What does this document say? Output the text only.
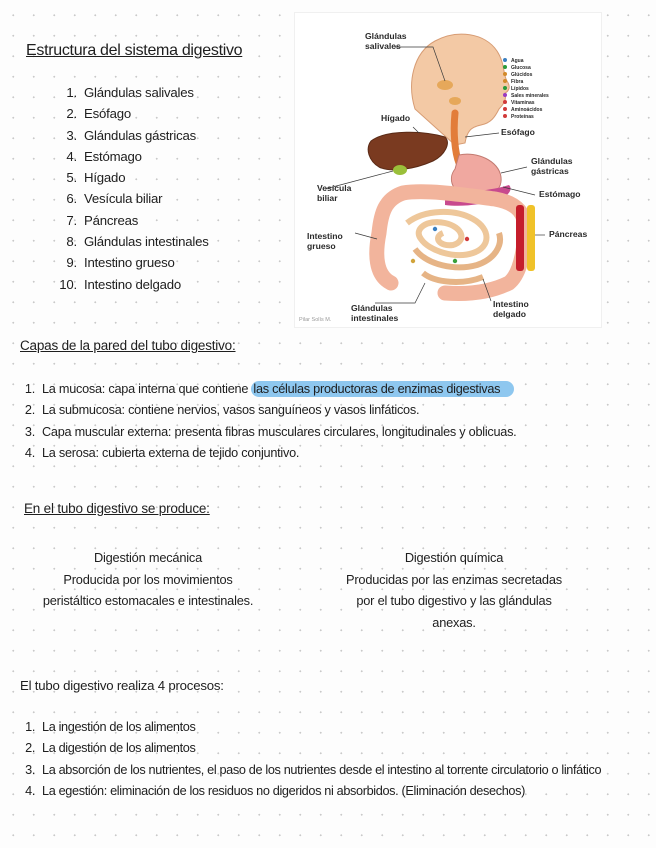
Estructura del sistema digestivo
1. Glándulas salivales
2. Esófago
3. Glándulas gástricas
4. Estómago
5. Hígado
6. Vesícula biliar
7. Páncreas
8. Glándulas intestinales
9. Intestino grueso
10. Intestino delgado
Glándulas salivales
Hígado
Esófago
Glándulas gástricas
Estómago
Vesícula biliar
Páncreas
Intestino grueso
Glándulas intestinales
Intestino delgado
Agua
Glucosa
Glúcidos
Fibra
Lípidos
Sales minerales
Vitaminas
Aminoácidos
Proteínas
Pilar Solís M.
Capas de la pared del tubo digestivo:
1. La mucosa: capa interna que contiene las células productoras de enzimas digestivas
2. La submucosa: contiene nervios, vasos sanguíneos y vasos linfáticos.
3. Capa muscular externa: presenta fibras musculares circulares, longitudinales y oblicuas.
4. La serosa: cubierta externa de tejido conjuntivo.
En el tubo digestivo se produce:
Digestión mecánica
Producida por los movimientos
peristáltico estomacales e intestinales.
Digestión química
Producidas por las enzimas secretadas
por el tubo digestivo y las glándulas
anexas.
El tubo digestivo realiza 4 procesos:
1. La ingestión de los alimentos
2. La digestión de los alimentos
3. La absorción de los nutrientes, el paso de los nutrientes desde el intestino al torrente circulatorio o linfático
4. La egestión: eliminación de los residuos no digeridos ni absorbidos. (Eliminación desechos)
